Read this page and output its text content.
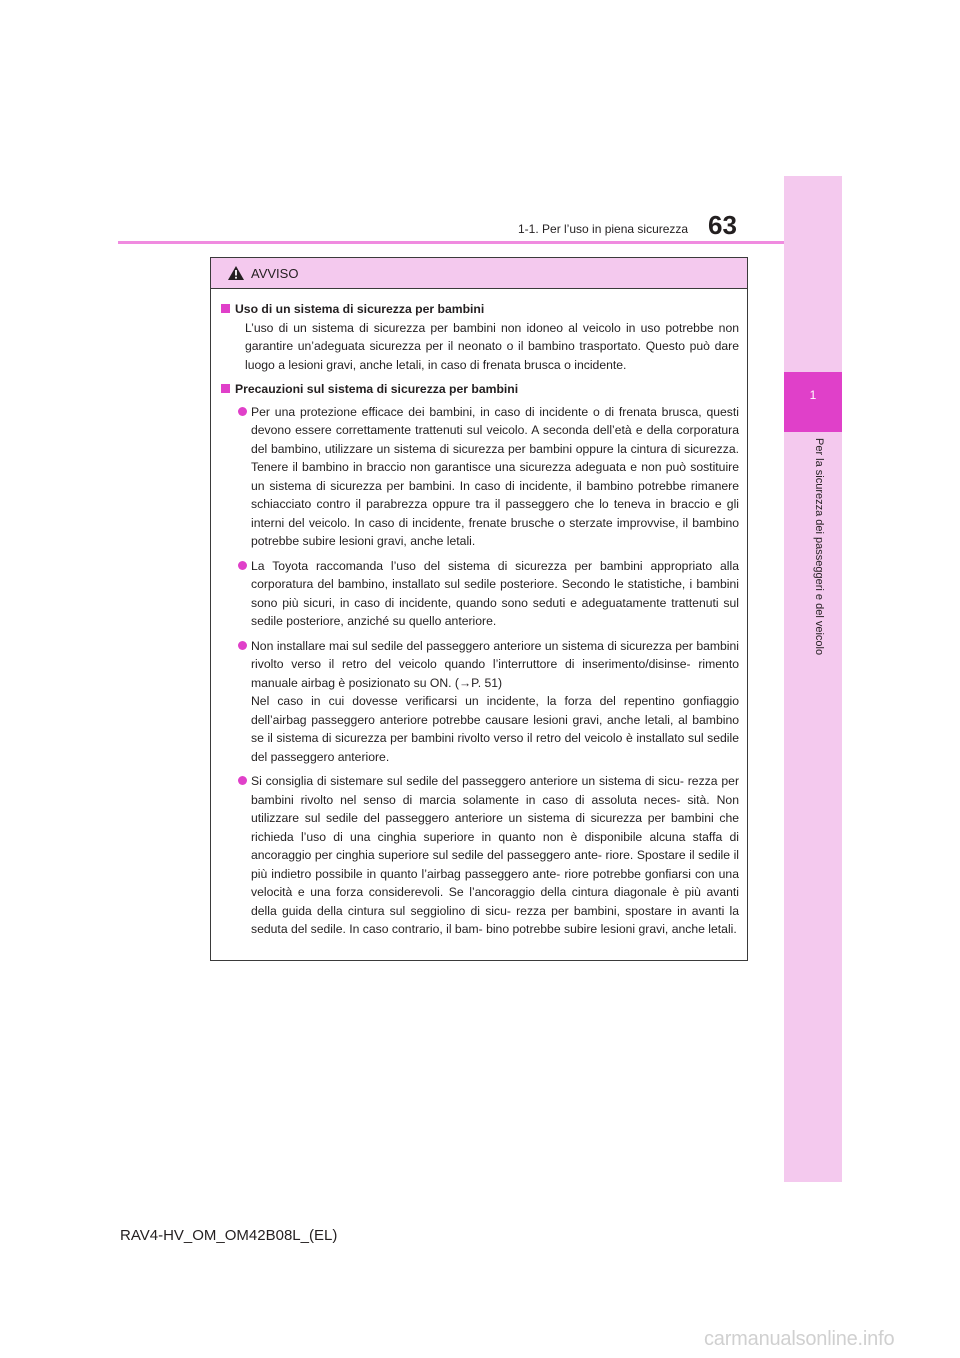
1
Per la sicurezza dei passeggeri e del veicolo
1-1. Per l’uso in piena sicurezza 63
AVVISO
Uso di un sistema di sicurezza per bambini
L’uso di un sistema di sicurezza per bambini non idoneo al veicolo in uso potrebbe non garantire un’adeguata sicurezza per il neonato o il bambino trasportato. Questo può dare luogo a lesioni gravi, anche letali, in caso di frenata brusca o incidente.
Precauzioni sul sistema di sicurezza per bambini

Per una protezione efficace dei bambini, in caso di incidente o di frenata brusca, questi devono essere correttamente trattenuti sul veicolo. A seconda dell’età e della corporatura del bambino, utilizzare un sistema di sicurezza per bambini oppure la cintura di sicurezza. Tenere il bambino in braccio non garantisce una sicurezza adeguata e non può sostituire un sistema di sicurezza per bambini. In caso di incidente, il bambino potrebbe rimanere schiacciato contro il parabrezza oppure tra il passeggero che lo teneva in braccio e gli interni del veicolo. In caso di incidente, frenate brusche o sterzate improvvise, il bambino potrebbe subire lesioni gravi, anche letali.

La Toyota raccomanda l’uso del sistema di sicurezza per bambini appropriato alla corporatura del bambino, installato sul sedile posteriore. Secondo le statistiche, i bambini sono più sicuri, in caso di incidente, quando sono seduti e adeguatamente trattenuti sul sedile posteriore, anziché su quello anteriore.

Non installare mai sul sedile del passeggero anteriore un sistema di sicurezza per bambini rivolto verso il retro del veicolo quando l’interruttore di inserimento/disinse- rimento manuale airbag è posizionato su ON. (→P. 51)

Nel caso in cui dovesse verificarsi un incidente, la forza del repentino gonfiaggio dell’airbag passeggero anteriore potrebbe causare lesioni gravi, anche letali, al bambino se il sistema di sicurezza per bambini rivolto verso il retro del veicolo è installato sul sedile del passeggero anteriore.

Si consiglia di sistemare sul sedile del passeggero anteriore un sistema di sicu- rezza per bambini rivolto nel senso di marcia solamente in caso di assoluta neces- sità. Non utilizzare sul sedile del passeggero anteriore un sistema di sicurezza per bambini che richieda l’uso di una cinghia superiore in quanto non è disponibile alcuna staffa di ancoraggio per cinghia superiore sul sedile del passeggero ante- riore. Spostare il sedile il più indietro possibile in quanto l’airbag passeggero ante- riore potrebbe gonfiarsi con una velocità e una forza considerevoli. Se l’ancoraggio della cintura diagonale è più avanti della guida della cintura sul seggiolino di sicu- rezza per bambini, spostare in avanti la seduta del sedile. In caso contrario, il bam- bino potrebbe subire lesioni gravi, anche letali.

RAV4-HV_OM_OM42B08L_(EL)
carmanualsonline.info
